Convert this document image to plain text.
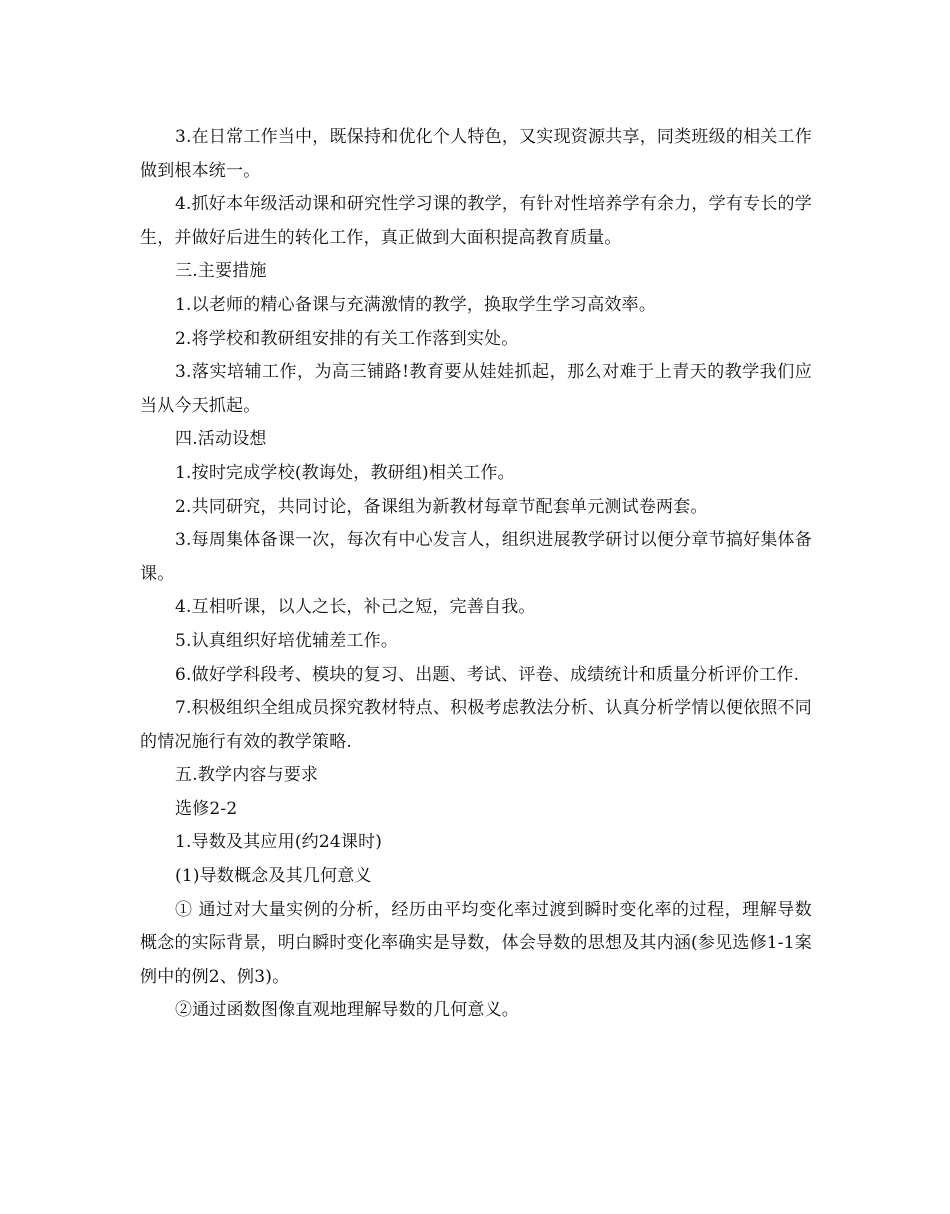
3.在日常工作当中，既保持和优化个人特色，又实现资源共享，同类班级的相关工作做到根本统一。

4.抓好本年级活动课和研究性学习课的教学，有针对性培养学有余力，学有专长的学生，并做好后进生的转化工作，真正做到大面积提高教育质量。

三.主要措施

1.以老师的精心备课与充满激情的教学，换取学生学习高效率。

2.将学校和教研组安排的有关工作落到实处。

3.落实培辅工作，为高三铺路!教育要从娃娃抓起，那么对难于上青天的教学我们应当从今天抓起。

四.活动设想

1.按时完成学校(教诲处，教研组)相关工作。

2.共同研究，共同讨论，备课组为新教材每章节配套单元测试卷两套。

3.每周集体备课一次，每次有中心发言人，组织进展教学研讨以便分章节搞好集体备课。

4.互相听课，以人之长，补己之短，完善自我。

5.认真组织好培优辅差工作。

6.做好学科段考、模块的复习、出题、考试、评卷、成绩统计和质量分析评价工作.

7.积极组织全组成员探究教材特点、积极考虑教法分析、认真分析学情以便依照不同的情况施行有效的教学策略.

五.教学内容与要求

选修2-2

1.导数及其应用(约24课时)

(1)导数概念及其几何意义

① 通过对大量实例的分析，经历由平均变化率过渡到瞬时变化率的过程，理解导数概念的实际背景，明白瞬时变化率确实是导数，体会导数的思想及其内涵(参见选修1-1案例中的例2、例3)。

②通过函数图像直观地理解导数的几何意义。
